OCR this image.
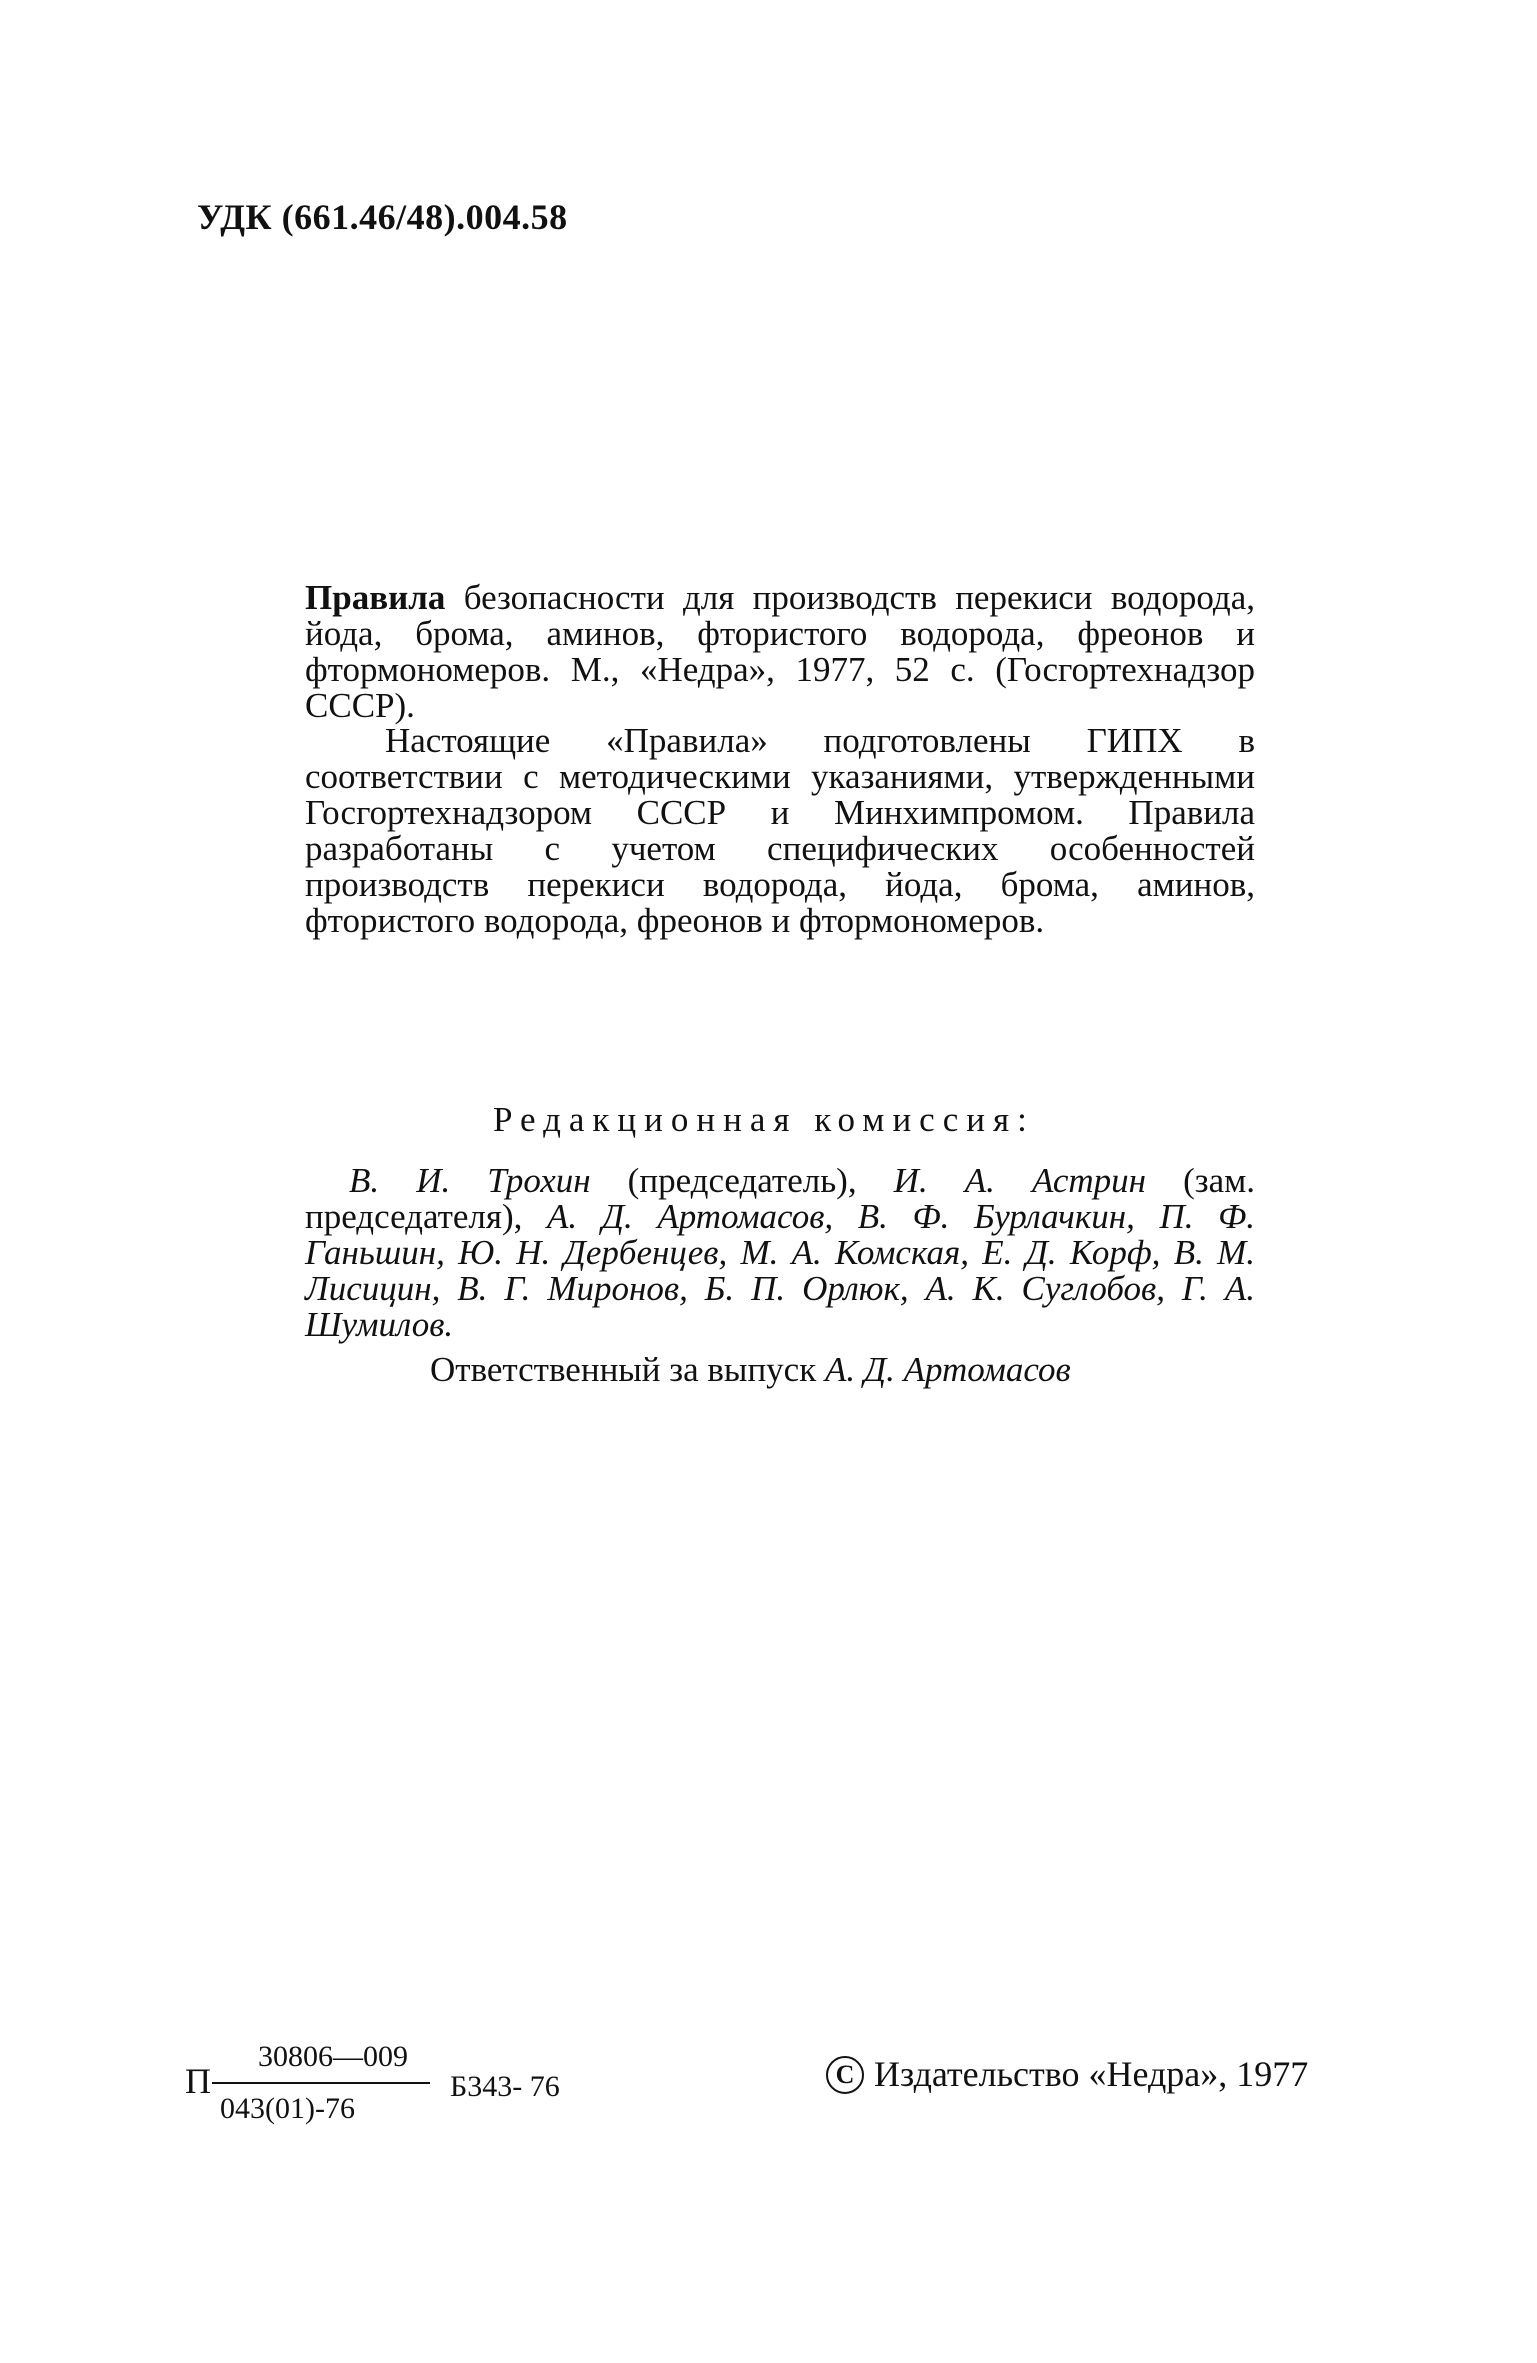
УДК (661.46/48).004.58
Правила безопасности для производств перекиси водорода, йода, брома, аминов, фтористого водорода, фреонов и фтормономеров. М., «Недра», 1977, 52 с. (Госгортехнадзор СССР).
Настоящие «Правила» подготовлены ГИПХ в соответствии с методическими указаниями, утвержденными Госгортехнадзором СССР и Минхимпромом. Правила разработаны с учетом специфических особенностей производств перекиси водорода, йода, брома, аминов, фтористого водорода, фреонов и фтормономеров.
Редакционная комиссия:
В. И. Трохин (председатель), И. А. Астрин (зам. председателя), А. Д. Артомасов, В. Ф. Бурлачкин, П. Ф. Ганьшин, Ю. Н. Дербенцев, М. А. Комская, Е. Д. Корф, В. М. Лисицин, В. Г. Миронов, Б. П. Орлюк, А. К. Суглобов, Г. А. Шумилов.
Ответственный за выпуск А. Д. Артомасов
П
30806—009
043(01)-76
Б343- 76	C Издательство «Недра», 1977
